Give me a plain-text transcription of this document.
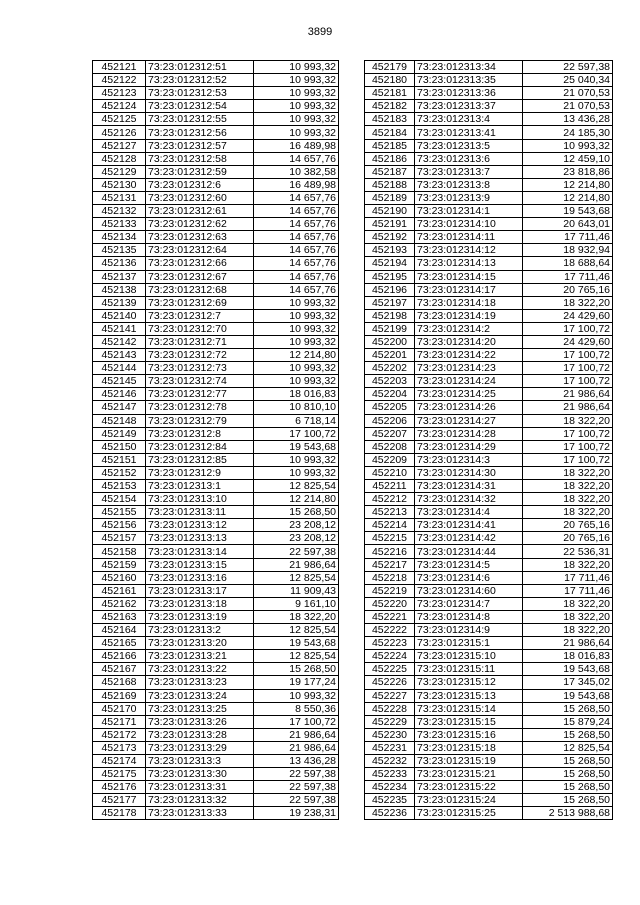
3899
452121	73:23:012312:51	10 993,32
452122	73:23:012312:52	10 993,32
452123	73:23:012312:53	10 993,32
452124	73:23:012312:54	10 993,32
452125	73:23:012312:55	10 993,32
452126	73:23:012312:56	10 993,32
452127	73:23:012312:57	16 489,98
452128	73:23:012312:58	14 657,76
452129	73:23:012312:59	10 382,58
452130	73:23:012312:6	16 489,98
452131	73:23:012312:60	14 657,76
452132	73:23:012312:61	14 657,76
452133	73:23:012312:62	14 657,76
452134	73:23:012312:63	14 657,76
452135	73:23:012312:64	14 657,76
452136	73:23:012312:66	14 657,76
452137	73:23:012312:67	14 657,76
452138	73:23:012312:68	14 657,76
452139	73:23:012312:69	10 993,32
452140	73:23:012312:7	10 993,32
452141	73:23:012312:70	10 993,32
452142	73:23:012312:71	10 993,32
452143	73:23:012312:72	12 214,80
452144	73:23:012312:73	10 993,32
452145	73:23:012312:74	10 993,32
452146	73:23:012312:77	18 016,83
452147	73:23:012312:78	10 810,10
452148	73:23:012312:79	6 718,14
452149	73:23:012312:8	17 100,72
452150	73:23:012312:84	19 543,68
452151	73:23:012312:85	10 993,32
452152	73:23:012312:9	10 993,32
452153	73:23:012313:1	12 825,54
452154	73:23:012313:10	12 214,80
452155	73:23:012313:11	15 268,50
452156	73:23:012313:12	23 208,12
452157	73:23:012313:13	23 208,12
452158	73:23:012313:14	22 597,38
452159	73:23:012313:15	21 986,64
452160	73:23:012313:16	12 825,54
452161	73:23:012313:17	11 909,43
452162	73:23:012313:18	9 161,10
452163	73:23:012313:19	18 322,20
452164	73:23:012313:2	12 825,54
452165	73:23:012313:20	19 543,68
452166	73:23:012313:21	12 825,54
452167	73:23:012313:22	15 268,50
452168	73:23:012313:23	19 177,24
452169	73:23:012313:24	10 993,32
452170	73:23:012313:25	8 550,36
452171	73:23:012313:26	17 100,72
452172	73:23:012313:28	21 986,64
452173	73:23:012313:29	21 986,64
452174	73:23:012313:3	13 436,28
452175	73:23:012313:30	22 597,38
452176	73:23:012313:31	22 597,38
452177	73:23:012313:32	22 597,38
452178	73:23:012313:33	19 238,31
452179	73:23:012313:34	22 597,38
452180	73:23:012313:35	25 040,34
452181	73:23:012313:36	21 070,53
452182	73:23:012313:37	21 070,53
452183	73:23:012313:4	13 436,28
452184	73:23:012313:41	24 185,30
452185	73:23:012313:5	10 993,32
452186	73:23:012313:6	12 459,10
452187	73:23:012313:7	23 818,86
452188	73:23:012313:8	12 214,80
452189	73:23:012313:9	12 214,80
452190	73:23:012314:1	19 543,68
452191	73:23:012314:10	20 643,01
452192	73:23:012314:11	17 711,46
452193	73:23:012314:12	18 932,94
452194	73:23:012314:13	18 688,64
452195	73:23:012314:15	17 711,46
452196	73:23:012314:17	20 765,16
452197	73:23:012314:18	18 322,20
452198	73:23:012314:19	24 429,60
452199	73:23:012314:2	17 100,72
452200	73:23:012314:20	24 429,60
452201	73:23:012314:22	17 100,72
452202	73:23:012314:23	17 100,72
452203	73:23:012314:24	17 100,72
452204	73:23:012314:25	21 986,64
452205	73:23:012314:26	21 986,64
452206	73:23:012314:27	18 322,20
452207	73:23:012314:28	17 100,72
452208	73:23:012314:29	17 100,72
452209	73:23:012314:3	17 100,72
452210	73:23:012314:30	18 322,20
452211	73:23:012314:31	18 322,20
452212	73:23:012314:32	18 322,20
452213	73:23:012314:4	18 322,20
452214	73:23:012314:41	20 765,16
452215	73:23:012314:42	20 765,16
452216	73:23:012314:44	22 536,31
452217	73:23:012314:5	18 322,20
452218	73:23:012314:6	17 711,46
452219	73:23:012314:60	17 711,46
452220	73:23:012314:7	18 322,20
452221	73:23:012314:8	18 322,20
452222	73:23:012314:9	18 322,20
452223	73:23:012315:1	21 986,64
452224	73:23:012315:10	18 016,83
452225	73:23:012315:11	19 543,68
452226	73:23:012315:12	17 345,02
452227	73:23:012315:13	19 543,68
452228	73:23:012315:14	15 268,50
452229	73:23:012315:15	15 879,24
452230	73:23:012315:16	15 268,50
452231	73:23:012315:18	12 825,54
452232	73:23:012315:19	15 268,50
452233	73:23:012315:21	15 268,50
452234	73:23:012315:22	15 268,50
452235	73:23:012315:24	15 268,50
452236	73:23:012315:25	2 513 988,68
